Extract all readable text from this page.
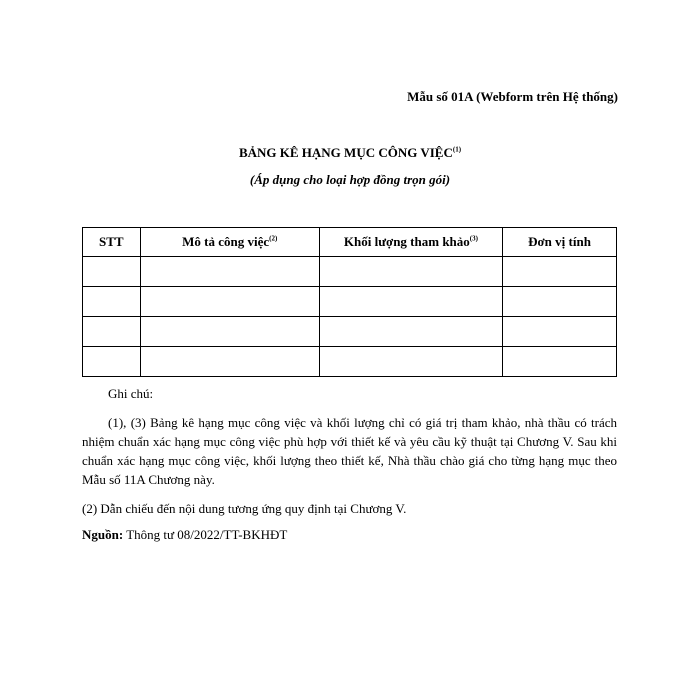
Mẫu số 01A (Webform trên Hệ thống)
BẢNG KÊ HẠNG MỤC CÔNG VIỆC$^{(1)}$
(Áp dụng cho loại hợp đồng trọn gói)
STT	Mô tả công việc$^{(2)}$	Khối lượng tham khảo$^{(3)}$	Đơn vị tính

Ghi chú:

(1), (3) Bảng kê hạng mục công việc và khối lượng chỉ có giá trị tham khảo, nhà thầu có trách nhiệm chuẩn xác hạng mục công việc phù hợp với thiết kế và yêu cầu kỹ thuật tại Chương V. Sau khi chuẩn xác hạng mục công việc, khối lượng theo thiết kế, Nhà thầu chào giá cho từng hạng mục theo Mẫu số 11A Chương này.

(2) Dẫn chiếu đến nội dung tương ứng quy định tại Chương V.

Nguồn: Thông tư 08/2022/TT-BKHĐT
